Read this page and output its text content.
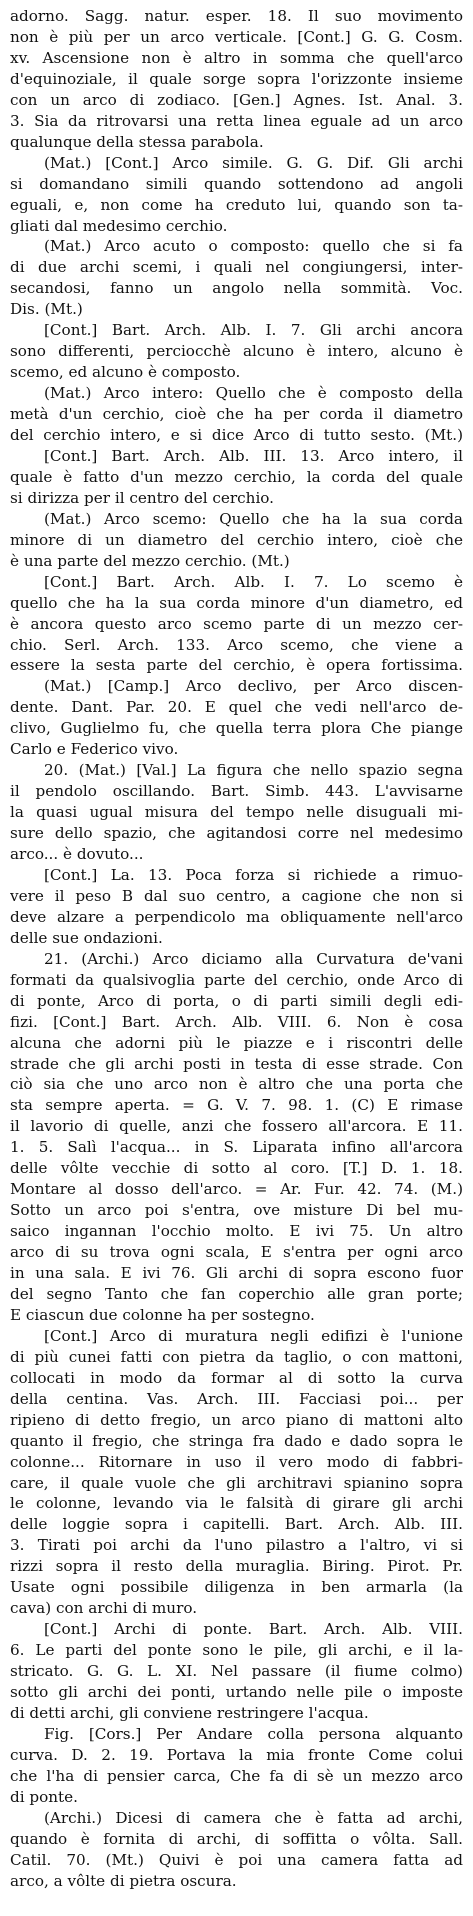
adorno. Sagg. natur. esper. 18. Il suo movimento
non è più per un arco verticale. [Cont.] G. G. Cosm.
xv. Ascensione non è altro in somma che quell'arco
d'equinoziale, il quale sorge sopra l'orizzonte insieme
con un arco di zodiaco. [Gen.] Agnes. Ist. Anal. 3.
3. Sia da ritrovarsi una retta linea eguale ad un arco
qualunque della stessa parabola.
(Mat.) [Cont.] Arco simile. G. G. Dif. Gli archi
si domandano simili quando sottendono ad angoli
eguali, e, non come ha creduto lui, quando son ta-
gliati dal medesimo cerchio.
(Mat.) Arco acuto o composto: quello che si fa
di due archi scemi, i quali nel congiungersi, inter-
secandosi, fanno un angolo nella sommità. Voc.
Dis. (Mt.)
[Cont.] Bart. Arch. Alb. I. 7. Gli archi ancora
sono differenti, perciocchè alcuno è intero, alcuno è
scemo, ed alcuno è composto.
(Mat.) Arco intero: Quello che è composto della
metà d'un cerchio, cioè che ha per corda il diametro
del cerchio intero, e si dice Arco di tutto sesto. (Mt.)
[Cont.] Bart. Arch. Alb. III. 13. Arco intero, il
quale è fatto d'un mezzo cerchio, la corda del quale
si dirizza per il centro del cerchio.
(Mat.) Arco scemo: Quello che ha la sua corda
minore di un diametro del cerchio intero, cioè che
è una parte del mezzo cerchio. (Mt.)
[Cont.] Bart. Arch. Alb. I. 7. Lo scemo è
quello che ha la sua corda minore d'un diametro, ed
è ancora questo arco scemo parte di un mezzo cer-
chio. Serl. Arch. 133. Arco scemo, che viene a
essere la sesta parte del cerchio, è opera fortissima.
(Mat.) [Camp.] Arco declivo, per Arco discen-
dente. Dant. Par. 20. E quel che vedi nell'arco de-
clivo, Guglielmo fu, che quella terra plora Che piange
Carlo e Federico vivo.
20. (Mat.) [Val.] La figura che nello spazio segna
il pendolo oscillando. Bart. Simb. 443. L'avvisarne
la quasi ugual misura del tempo nelle disuguali mi-
sure dello spazio, che agitandosi corre nel medesimo
arco... è dovuto...
[Cont.] La. 13. Poca forza si richiede a rimuo-
vere il peso B dal suo centro, a cagione che non si
deve alzare a perpendicolo ma obliquamente nell'arco
delle sue ondazioni.
21. (Archi.) Arco diciamo alla Curvatura de'vani
formati da qualsivoglia parte del cerchio, onde Arco di
di ponte, Arco di porta, o di parti simili degli edi-
fizi. [Cont.] Bart. Arch. Alb. VIII. 6. Non è cosa
alcuna che adorni più le piazze e i riscontri delle
strade che gli archi posti in testa di esse strade. Con
ciò sia che uno arco non è altro che una porta che
sta sempre aperta. = G. V. 7. 98. 1. (C) E rimase
il lavorio di quelle, anzi che fossero all'arcora. E 11.
1. 5. Salì l'acqua... in S. Liparata infino all'arcora
delle vôlte vecchie di sotto al coro. [T.] D. 1. 18.
Montare al dosso dell'arco. = Ar. Fur. 42. 74. (M.)
Sotto un arco poi s'entra, ove misture Di bel mu-
saico ingannan l'occhio molto. E ivi 75. Un altro
arco di su trova ogni scala, E s'entra per ogni arco
in una sala. E ivi 76. Gli archi di sopra escono fuor
del segno Tanto che fan coperchio alle gran porte;
E ciascun due colonne ha per sostegno.
[Cont.] Arco di muratura negli edifizi è l'unione
di più cunei fatti con pietra da taglio, o con mattoni,
collocati in modo da formar al di sotto la curva
della centina. Vas. Arch. III. Facciasi poi... per
ripieno di detto fregio, un arco piano di mattoni alto
quanto il fregio, che stringa fra dado e dado sopra le
colonne... Ritornare in uso il vero modo di fabbri-
care, il quale vuole che gli architravi spianino sopra
le colonne, levando via le falsità di girare gli archi
delle loggie sopra i capitelli. Bart. Arch. Alb. III.
3. Tirati poi archi da l'uno pilastro a l'altro, vi si
rizzi sopra il resto della muraglia. Biring. Pirot. Pr.
Usate ogni possibile diligenza in ben armarla (la
cava) con archi di muro.
[Cont.] Archi di ponte. Bart. Arch. Alb. VIII.
6. Le parti del ponte sono le pile, gli archi, e il la-
stricato. G. G. L. XI. Nel passare (il fiume colmo)
sotto gli archi dei ponti, urtando nelle pile o imposte
di detti archi, gli conviene restringere l'acqua.
Fig. [Cors.] Per Andare colla persona alquanto
curva. D. 2. 19. Portava la mia fronte Come colui
che l'ha di pensier carca, Che fa di sè un mezzo arco
di ponte.
(Archi.) Dicesi di camera che è fatta ad archi,
quando è fornita di archi, di soffitta o vôlta. Sall.
Catil. 70. (Mt.) Quivi è poi una camera fatta ad
arco, a vôlte di pietra oscura.
